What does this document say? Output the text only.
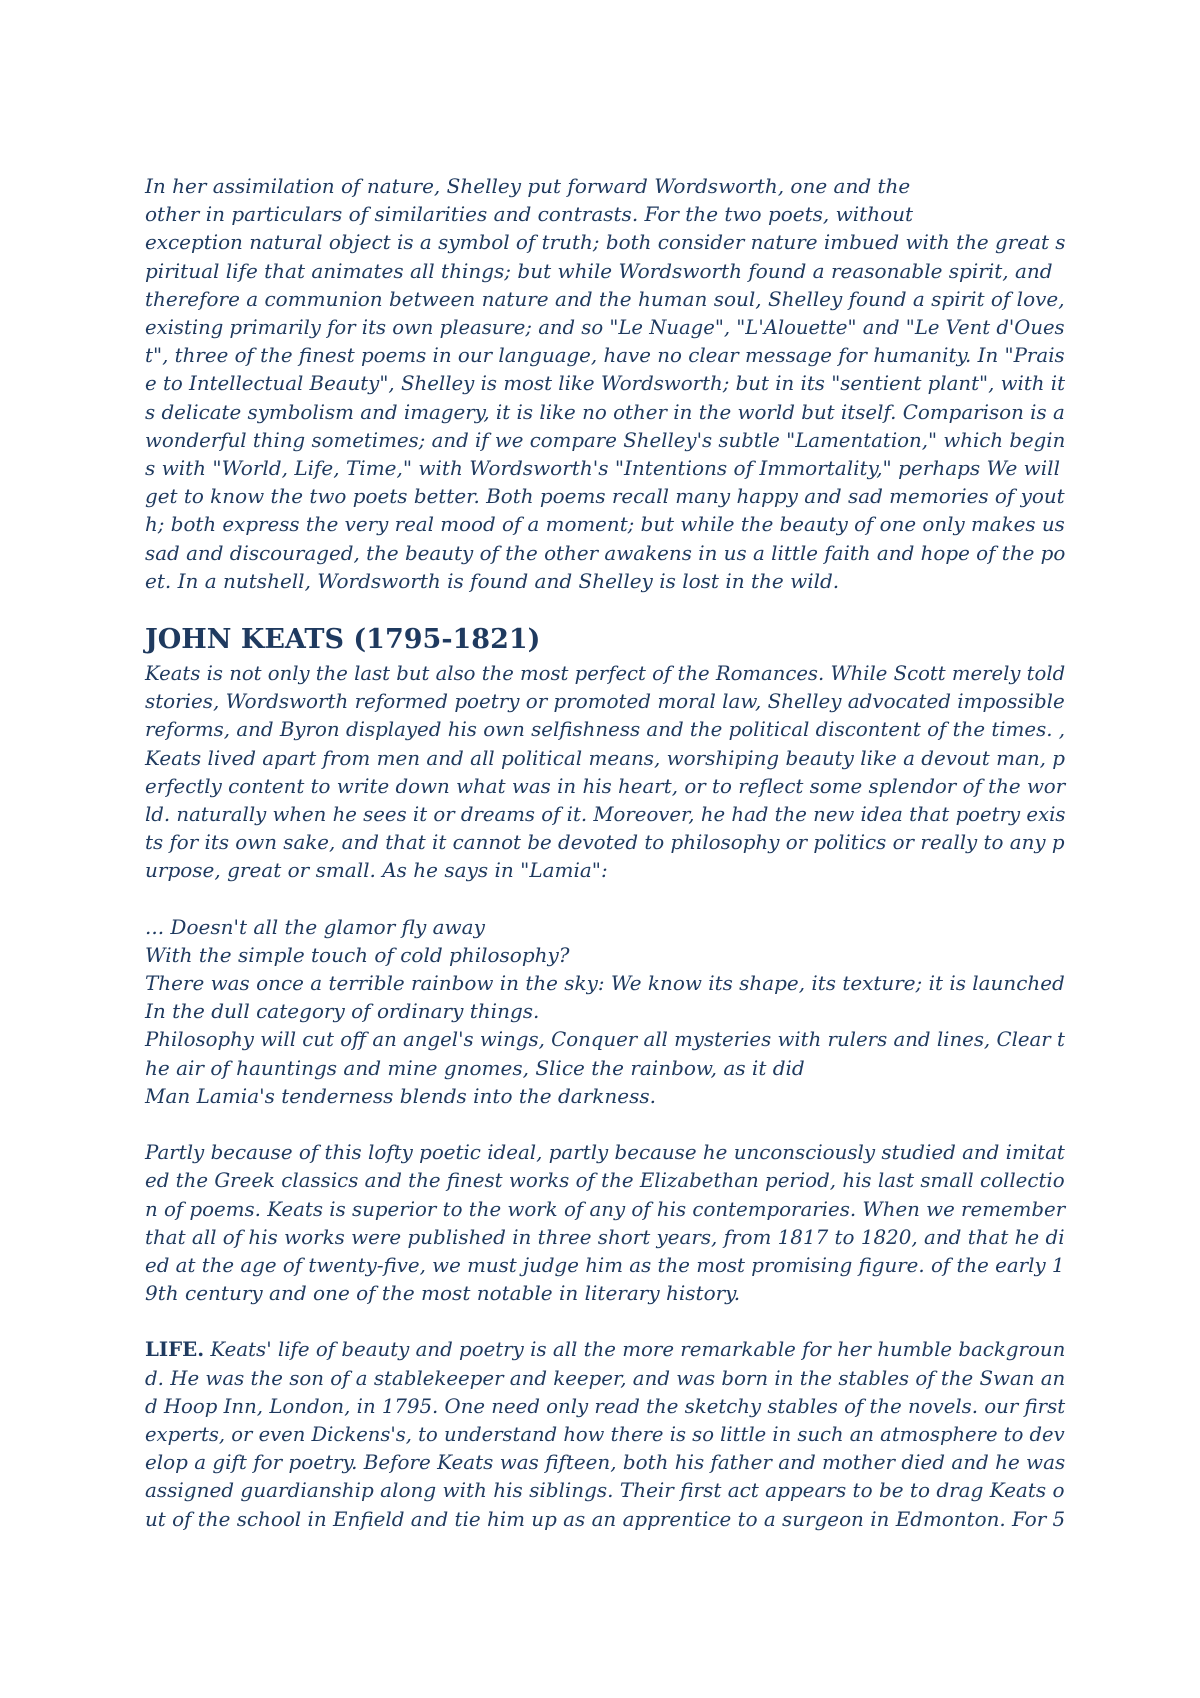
In her assimilation of nature, Shelley put forward Wordsworth, one and the
other in particulars of similarities and contrasts. For the two poets, without
exception natural object is a symbol of truth; both consider nature imbued with the great s
piritual life that animates all things; but while Wordsworth found a reasonable spirit, and
therefore a communion between nature and the human soul, Shelley found a spirit of love,
existing primarily for its own pleasure; and so "Le Nuage", "L'Alouette" and "Le Vent d'Oues
t", three of the finest poems in our language, have no clear message for humanity. In "Prais
e to Intellectual Beauty", Shelley is most like Wordsworth; but in its "sentient plant", with it
s delicate symbolism and imagery, it is like no other in the world but itself. Comparison is a
wonderful thing sometimes; and if we compare Shelley's subtle "Lamentation," which begin
s with "World, Life, Time," with Wordsworth's "Intentions of Immortality," perhaps We will
get to know the two poets better. Both poems recall many happy and sad memories of yout
h; both express the very real mood of a moment; but while the beauty of one only makes us
sad and discouraged, the beauty of the other awakens in us a little faith and hope of the po
et. In a nutshell, Wordsworth is found and Shelley is lost in the wild.
JOHN KEATS (1795-1821)
Keats is not only the last but also the most perfect of the Romances. While Scott merely told
stories, Wordsworth reformed poetry or promoted moral law, Shelley advocated impossible
reforms, and Byron displayed his own selfishness and the political discontent of the times. ,
Keats lived apart from men and all political means, worshiping beauty like a devout man, p
erfectly content to write down what was in his heart, or to reflect some splendor of the wor
ld. naturally when he sees it or dreams of it. Moreover, he had the new idea that poetry exis
ts for its own sake, and that it cannot be devoted to philosophy or politics or really to any p
urpose, great or small. As he says in "Lamia":
... Doesn't all the glamor fly away
With the simple touch of cold philosophy?
There was once a terrible rainbow in the sky: We know its shape, its texture; it is launched
In the dull category of ordinary things.
Philosophy will cut off an angel's wings, Conquer all mysteries with rulers and lines, Clear t
he air of hauntings and mine gnomes, Slice the rainbow, as it did
Man Lamia's tenderness blends into the darkness.
Partly because of this lofty poetic ideal, partly because he unconsciously studied and imitat
ed the Greek classics and the finest works of the Elizabethan period, his last small collectio
n of poems. Keats is superior to the work of any of his contemporaries. When we remember
that all of his works were published in three short years, from 1817 to 1820, and that he di
ed at the age of twenty-five, we must judge him as the most promising figure. of the early 1
9th century and one of the most notable in literary history.
LIFE. Keats' life of beauty and poetry is all the more remarkable for her humble backgroun
d. He was the son of a stablekeeper and keeper, and was born in the stables of the Swan an
d Hoop Inn, London, in 1795. One need only read the sketchy stables of the novels. our first
experts, or even Dickens's, to understand how there is so little in such an atmosphere to dev
elop a gift for poetry. Before Keats was fifteen, both his father and mother died and he was
assigned guardianship along with his siblings. Their first act appears to be to drag Keats o
ut of the school in Enfield and tie him up as an apprentice to a surgeon in Edmonton. For 5
